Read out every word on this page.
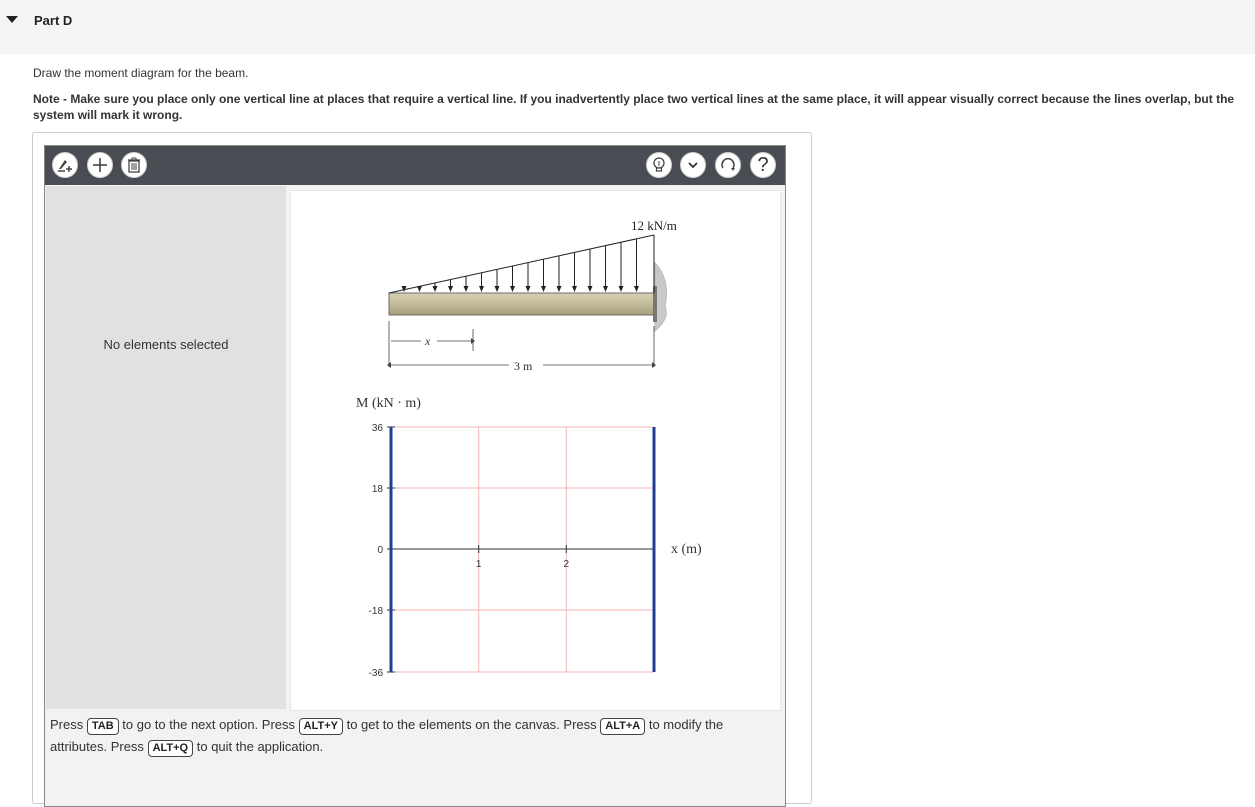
Part D
Draw the moment diagram for the beam.
Note - Make sure you place only one vertical line at places that require a vertical line. If you inadvertently place two vertical lines at the same place, it will appear visually correct because the lines overlap, but the system will mark it wrong.
?
No elements selected
12 kN/m
x
3 m
M (kN · m)
36
18
0
-18
-36
1	2
x (m)
Press TAB to go to the next option. Press ALT+Y to get to the elements on the canvas. Press ALT+A to modify the attributes. Press ALT+Q to quit the application.
